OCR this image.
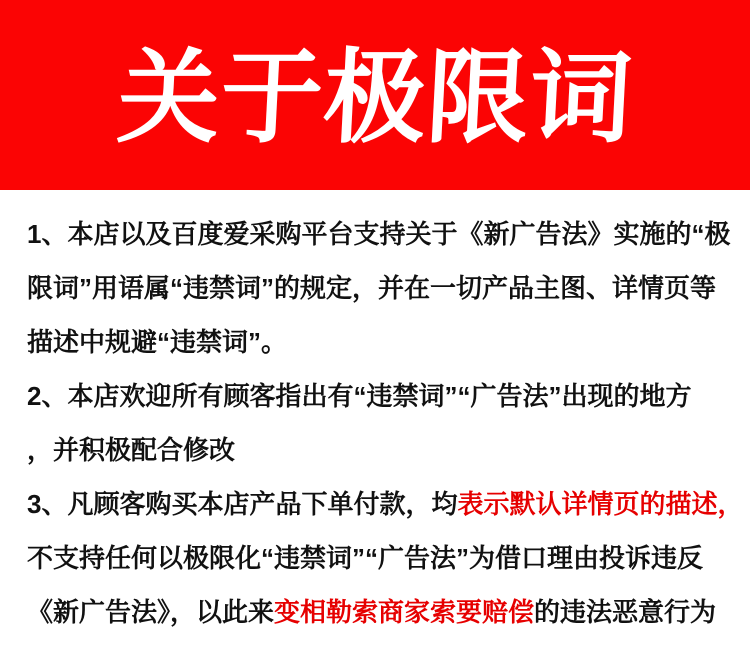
关于极限词
1、本店以及百度爱采购平台支持关于《新广告法》实施的“极
限词”用语属“违禁词”的规定，并在一切产品主图、详情页等
描述中规避“违禁词”。
2、本店欢迎所有顾客指出有“违禁词”“广告法”出现的地方
，并积极配合修改
3、凡顾客购买本店产品下单付款，均表示默认详情页的描述，
不支持任何以极限化“违禁词”“广告法”为借口理由投诉违反
《新广告法》，以此来变相勒索商家索要赔偿的违法恶意行为
